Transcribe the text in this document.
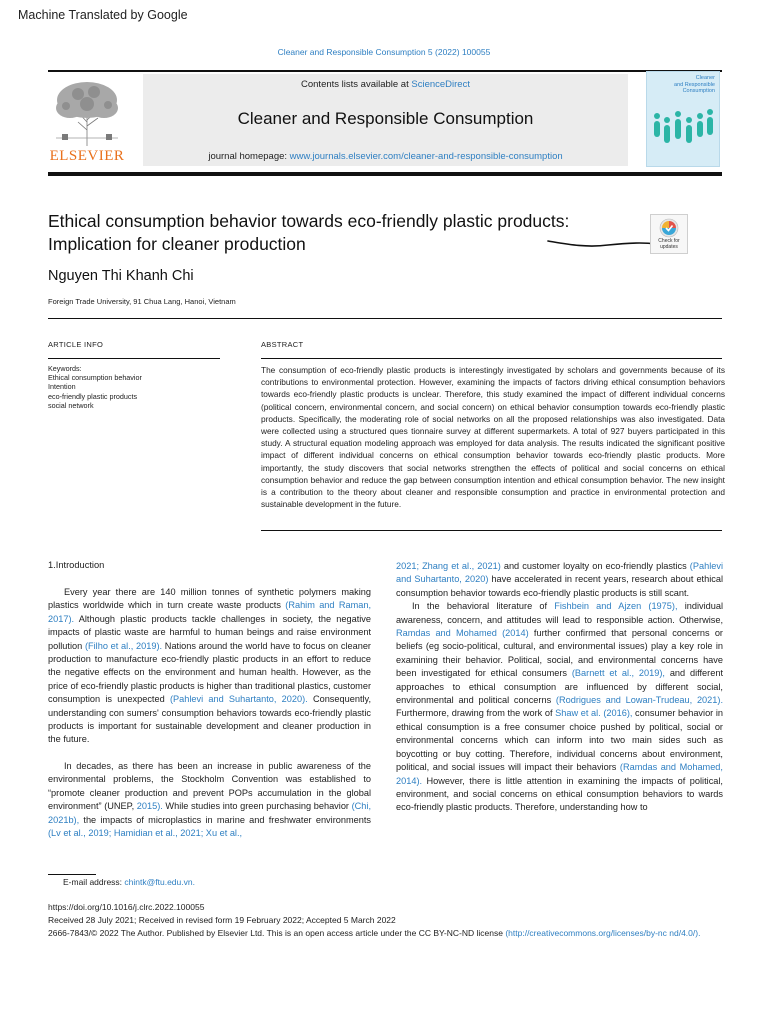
Machine Translated by Google
Cleaner and Responsible Consumption 5 (2022) 100055
ELSEVIER
Contents lists available at ScienceDirect
Cleaner and Responsible Consumption
journal homepage: www.journals.elsevier.com/cleaner-and-responsible-consumption
Cleaner
and Responsible
Consumption
Ethical consumption behavior towards eco-friendly plastic products:
Implication for cleaner production	Check for
updates
Nguyen Thi Khanh Chi
Foreign Trade University, 91 Chua Lang, Hanoi, Vietnam
ARTICLE INFO	ABSTRACT
Keywords:
Ethical consumption behavior
Intention
eco-friendly plastic products
social network
The consumption of eco-friendly plastic products is interestingly investigated by scholars and governments because of its contributions to environmental protection. However, examining the impacts of factors driving ethical consumption behaviors towards eco-friendly plastic products is unclear. Therefore, this study examined the impact of different individual concerns (political concern, environmental concern, and social concern) on ethical behavior consumption towards eco-friendly plastic products. Specifically, the moderating role of social networks on all the proposed relationships was also investigated. Data were collected using a structured ques tionnaire survey at different supermarkets. A total of 927 buyers participated in this study. A structural equation modeling approach was employed for data analysis. The results indicated the significant positive impact of different individual concerns on ethical consumption behavior towards eco-friendly plastic products. More importantly, the study discovers that social networks strengthen the effects of political and social concerns on ethical consumption behavior and reduce the gap between consumption intention and ethical consumption behavior. The new insight is a contribution to the theory about cleaner and responsible consumption and practice in environmental protection and sustainable development in the future.
1.Introduction

Every year there are 140 million tonnes of synthetic polymers making plastics worldwide which in turn create waste products (Rahim and Raman, 2017). Although plastic products tackle challenges in society, the negative impacts of plastic waste are harmful to human beings and raise environment pollution (Filho et al., 2019). Nations around the world have to focus on cleaner production to manufacture eco-friendly plastic products in an effort to reduce the negative effects on the environment and human health. However, as the price of eco-friendly plastic products is higher than traditional plastics, customer consumption is unexpected (Pahlevi and Suhartanto, 2020). Consequently, understanding con sumers' consumption behaviors towards eco-friendly plastic products is important for sustainable development and cleaner production in the future.

In decades, as there has been an increase in public awareness of the environmental problems, the Stockholm Convention was established to “promote cleaner production and prevent POPs accumulation in the global environment” (UNEP, 2015). While studies into green purchasing behavior (Chi, 2021b), the impacts of microplastics in marine and freshwater environments (Lv et al., 2019; Hamidian et al., 2021; Xu et al.,

2021; Zhang et al., 2021) and customer loyalty on eco-friendly plastics (Pahlevi and Suhartanto, 2020) have accelerated in recent years, research about ethical consumption behavior towards eco-friendly plastic products is still scant.

In the behavioral literature of Fishbein and Ajzen (1975), individual awareness, concern, and attitudes will lead to responsible action. Otherwise, Ramdas and Mohamed (2014) further confirmed that personal concerns or beliefs (eg socio-political, cultural, and environmental issues) play a key role in examining their behavior. Political, social, and environmental concerns have been investigated for ethical consumers (Barnett et al., 2019), and different approaches to ethical consumption are influenced by different social, environmental and political concerns (Rodrigues and Lowan-Trudeau, 2021). Furthermore, drawing from the work of Shaw et al. (2016), consumer behavior in ethical consumption is a free consumer choice pushed by political, social or environmental concerns which can inform into two main sides such as boycotting or buy cotting. Therefore, individual concerns about environment, political, and social issues will impact their behaviors (Ramdas and Mohamed, 2014). However, there is little attention in examining the impacts of political, environment, and social concerns on ethical consumption behaviors to wards eco-friendly plastic products. Therefore, understanding how to

E-mail address: chintk@ftu.edu.vn.
https://doi.org/10.1016/j.clrc.2022.100055
Received 28 July 2021; Received in revised form 19 February 2022; Accepted 5 March 2022
2666-7843/© 2022 The Author. Published by Elsevier Ltd. This is an open access article under the CC BY-NC-ND license (http://creativecommons.org/licenses/by-nc nd/4.0/).
